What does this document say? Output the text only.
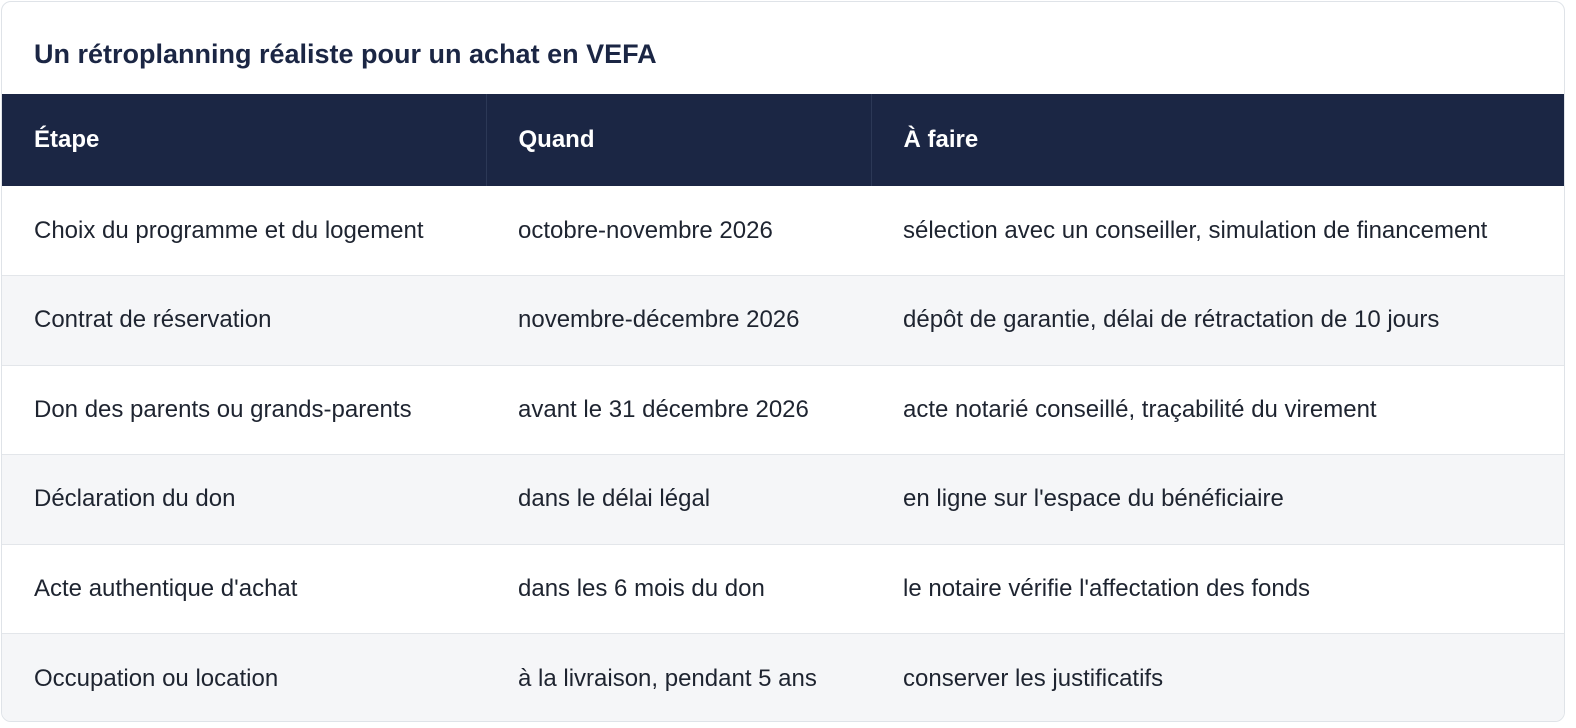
Un rétroplanning réaliste pour un achat en VEFA
Étape	Quand	À faire
Choix du programme et du logement	octobre-novembre 2026	sélection avec un conseiller, simulation de financement
Contrat de réservation	novembre-décembre 2026	dépôt de garantie, délai de rétractation de 10 jours
Don des parents ou grands-parents	avant le 31 décembre 2026	acte notarié conseillé, traçabilité du virement
Déclaration du don	dans le délai légal	en ligne sur l'espace du bénéficiaire
Acte authentique d'achat	dans les 6 mois du don	le notaire vérifie l'affectation des fonds
Occupation ou location	à la livraison, pendant 5 ans	conserver les justificatifs
